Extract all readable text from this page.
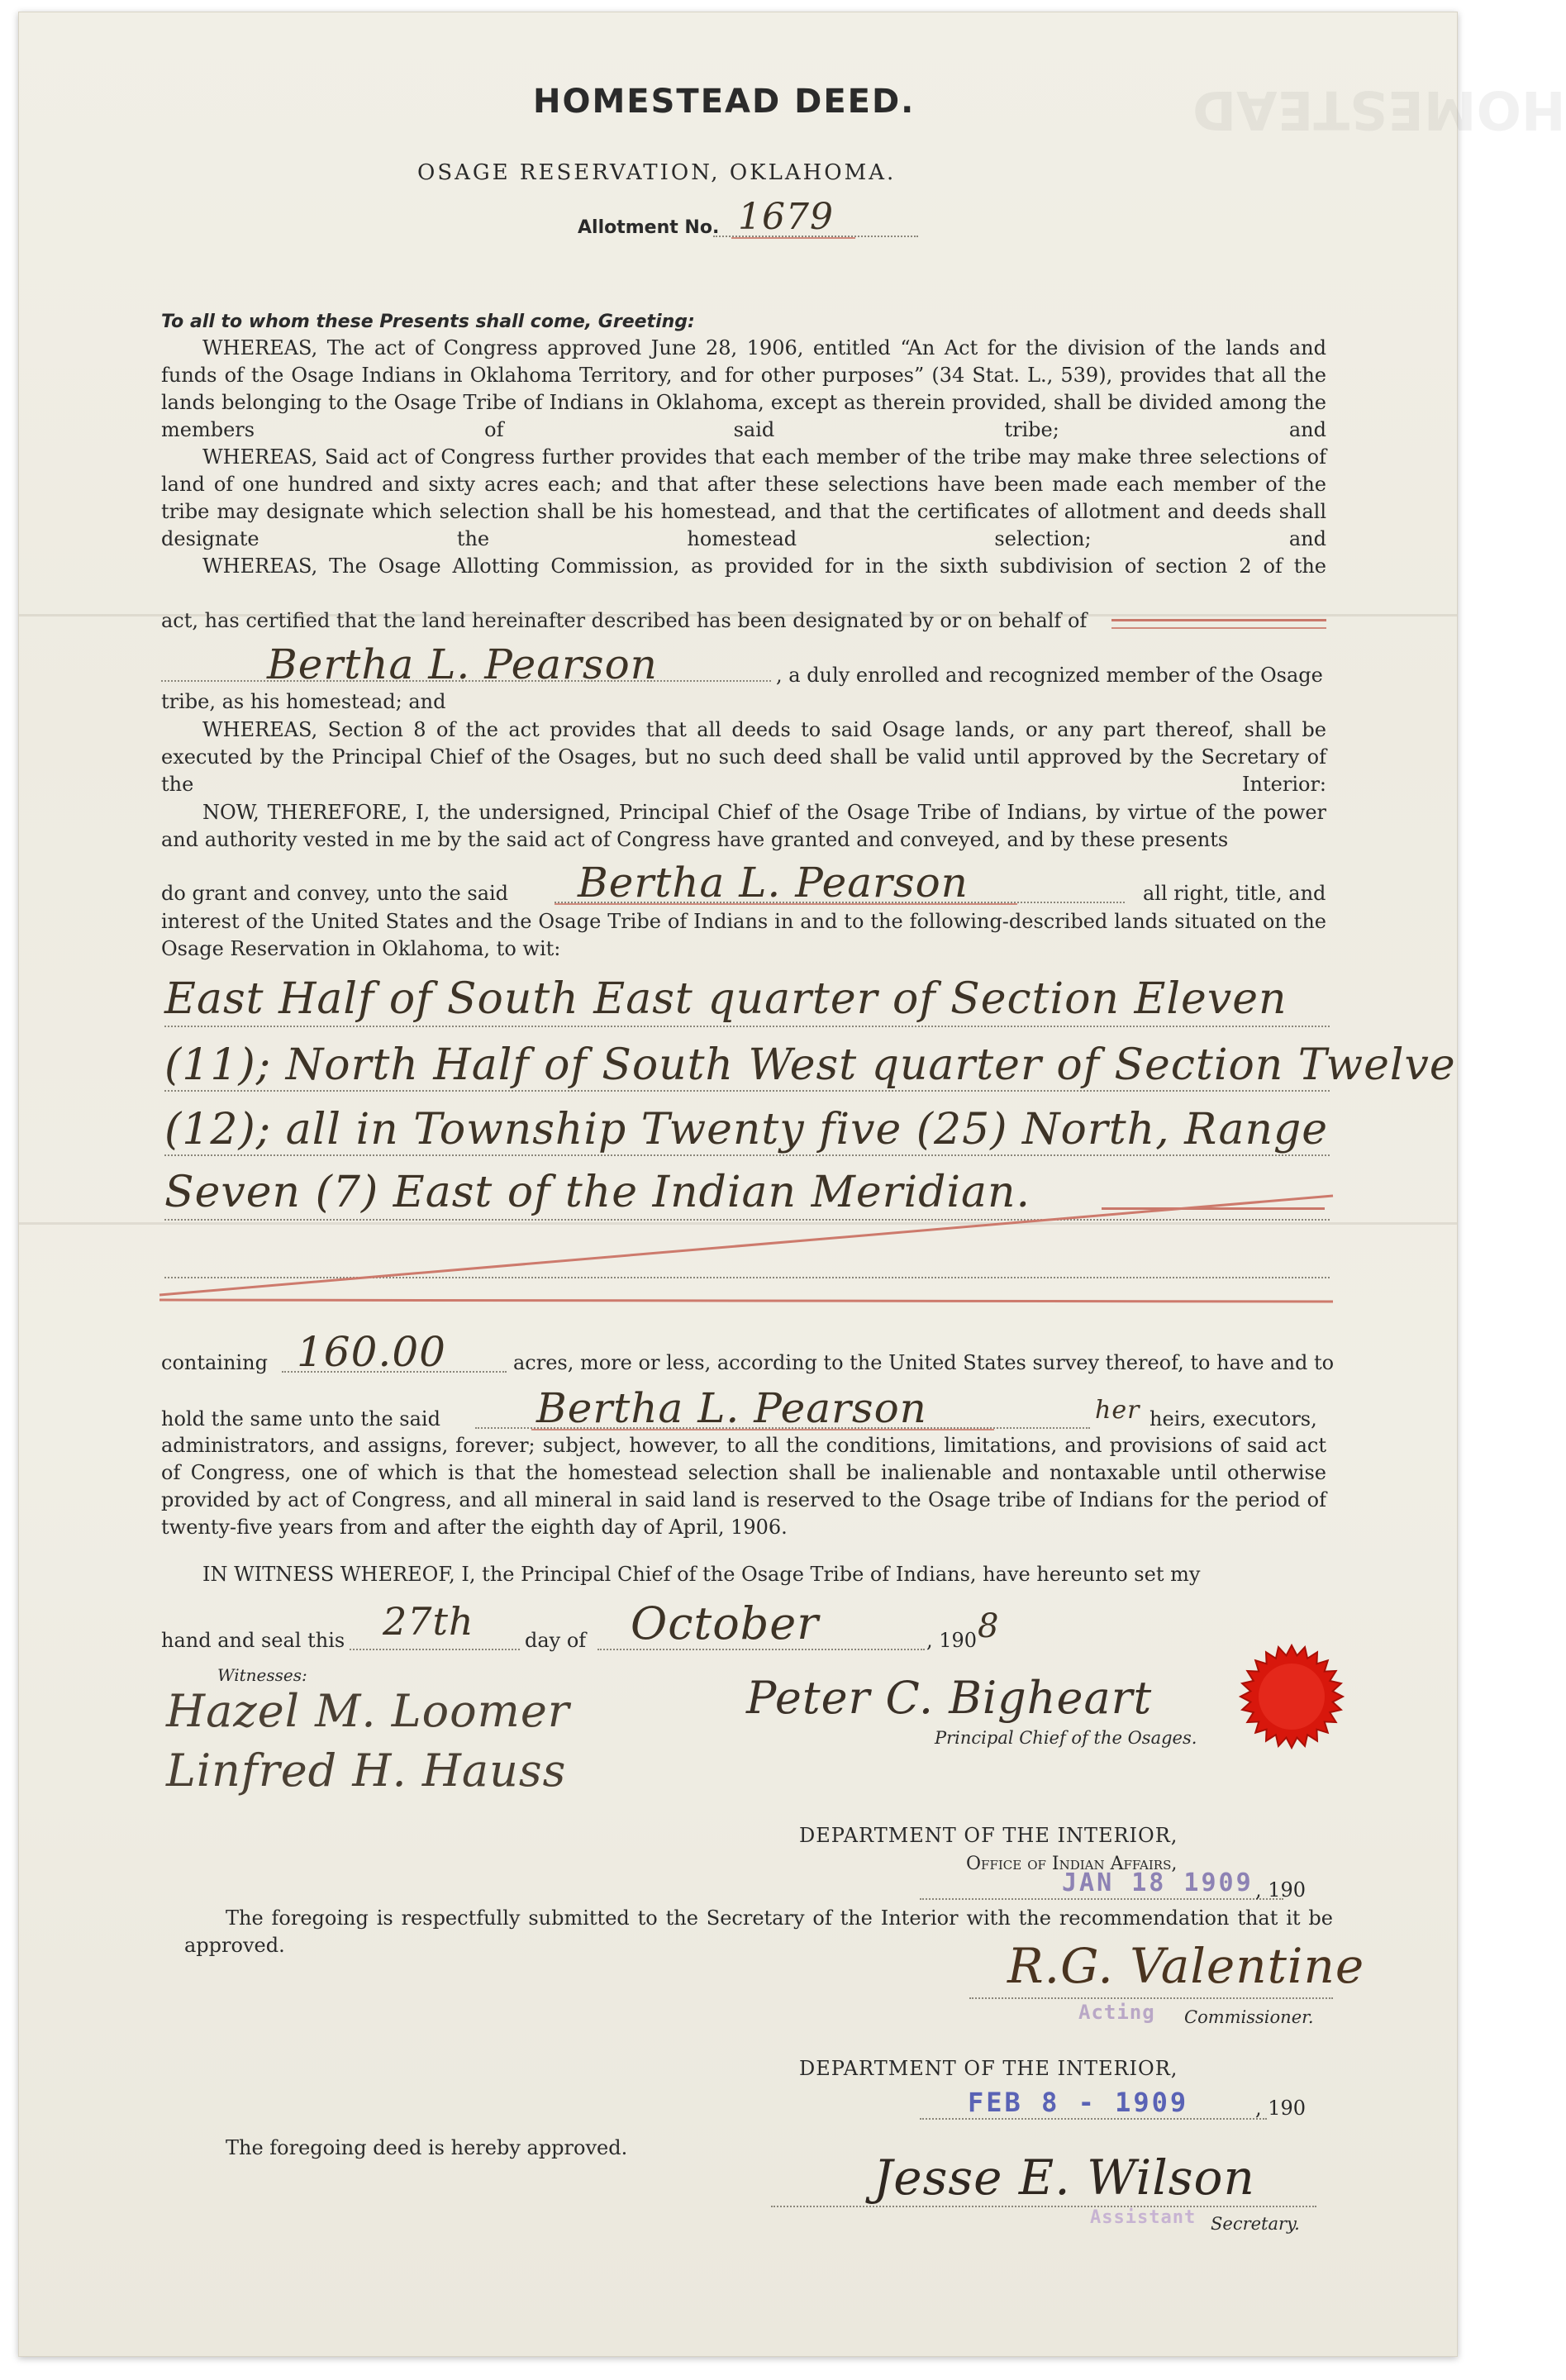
HOMESTEAD
HOMESTEAD DEED.
OSAGE RESERVATION, OKLAHOMA.
Allotment No. 1679
To all to whom these Presents shall come, Greeting:

WHEREAS, The act of Congress approved June 28, 1906, entitled “An Act for the division of the lands and funds of the Osage Indians in Oklahoma Territory, and for other purposes” (34 Stat. L., 539), provides that all the lands belonging to the Osage Tribe of Indians in Oklahoma, except as therein provided, shall be divided among the members of said tribe; and

WHEREAS, Said act of Congress further provides that each member of the tribe may make three selections of land of one hundred and sixty acres each; and that after these selections have been made each member of the tribe may designate which selection shall be his homestead, and that the certificates of allotment and deeds shall designate the homestead selection; and

WHEREAS, The Osage Allotting Commission, as provided for in the sixth subdivision of section 2 of the

act, has certified that the land hereinafter described has been designated by or on behalf of
Bertha L. Pearson	, a duly enrolled and recognized member of the Osage
tribe, as his homestead; and

WHEREAS, Section 8 of the act provides that all deeds to said Osage lands, or any part thereof, shall be executed by the Principal Chief of the Osages, but no such deed shall be valid until approved by the Secretary of the Interior:

NOW, THEREFORE, I, the undersigned, Principal Chief of the Osage Tribe of Indians, by virtue of the power and authority vested in me by the said act of Congress have granted and conveyed, and by these presents

do grant and convey, unto the said Bertha L. Pearson	all right, title, and

interest of the United States and the Osage Tribe of Indians in and to the following-described lands situated on the Osage Reservation in Oklahoma, to wit:

East Half of South East quarter of Section Eleven
(11); North Half of South West quarter of Section Twelve
(12); all in Township Twenty five (25) North, Range
Seven (7) East of the Indian Meridian.
containing 160.00	acres, more or less, according to the United States survey thereof, to have and to
hold the same unto the said Bertha L. Pearson	her heirs, executors,

administrators, and assigns, forever; subject, however, to all the conditions, limitations, and provisions of said act of Congress, one of which is that the homestead selection shall be inalienable and nontaxable until otherwise provided by act of Congress, and all mineral in said land is reserved to the Osage tribe of Indians for the period of twenty-five years from and after the eighth day of April, 1906.

IN WITNESS WHEREOF, I, the Principal Chief of the Osage Tribe of Indians, have hereunto set my

hand and seal this 27th	day of October	, 190 8
Witnesses:
Hazel M. Loomer
Linfred H. Hauss
Peter C. Bigheart
Principal Chief of the Osages.
DEPARTMENT OF THE INTERIOR,
Office of Indian Affairs,
JAN 18 1909 , 190

The foregoing is respectfully submitted to the Secretary of the Interior with the recommendation that it be approved.	R.G. Valentine
Acting Commissioner.
DEPARTMENT OF THE INTERIOR,
FEB 8 - 1909	, 190
The foregoing deed is hereby approved.
Jesse E. Wilson
Assistant Secretary.
